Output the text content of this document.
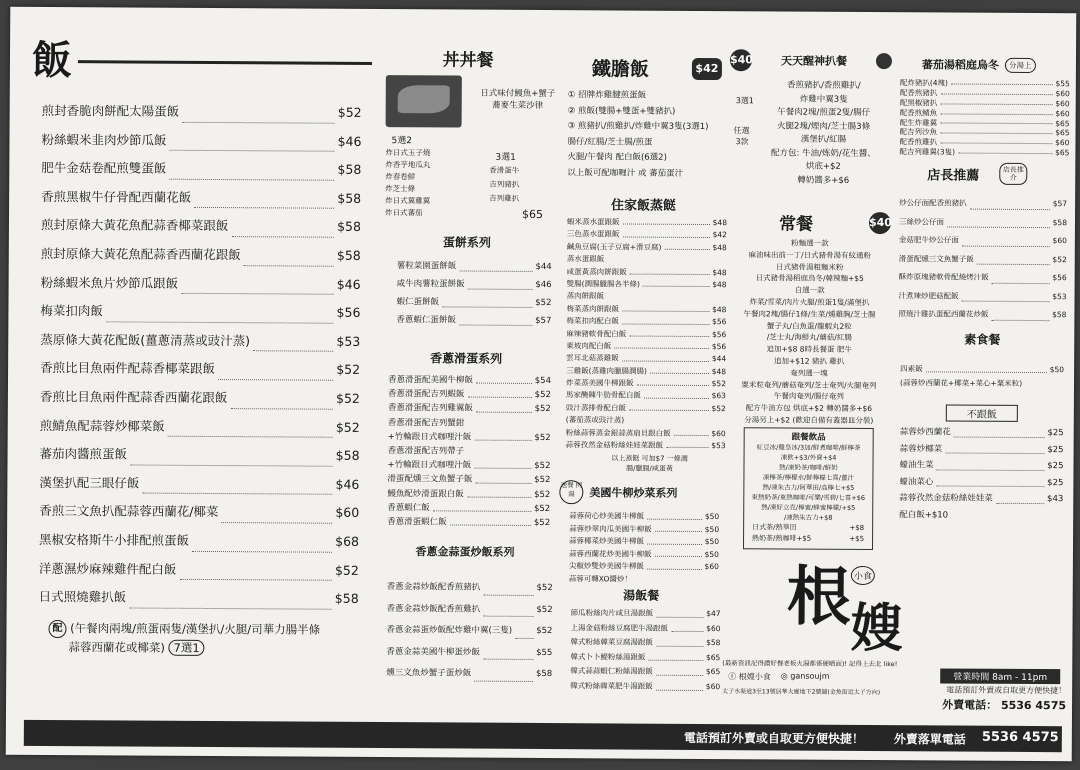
飯
煎封香脆肉餅配太陽蛋飯	$52
粉絲蝦米韭肉炒節瓜飯	$46
肥牛金菇卷配煎雙蛋飯	$58
香煎黑椒牛仔骨配西蘭花飯	$58
煎封原條大黃花魚配蒜香椰菜跟飯	$58
煎封原條大黃花魚配蒜香西蘭花跟飯	$58
粉絲蝦米魚片炒節瓜跟飯	$46
梅菜扣肉飯	$56
蒸原條大黃花配飯(薑蔥清蒸或豉汁蒸)	$53
香煎比目魚兩件配蒜香椰菜跟飯	$52
香煎比目魚兩件配蒜香西蘭花跟飯	$52
煎鯖魚配蒜蓉炒椰菜飯	$52
蕃茄肉醬煎蛋飯	$58
漢堡扒配三眼仔飯	$46
香煎三文魚扒配蒜蓉西蘭花/椰菜	$60
黑椒安格斯牛小排配煎蛋飯	$68
洋蔥濕炒麻辣雞件配白飯	$52
日式照燒雞扒飯	$58
配 (午餐肉兩塊/煎蛋兩隻/漢堡扒/火腿/司華力腸半條
蒜蓉西蘭花或椰菜) 7選1
丼丼餐
日式味付鰻魚+蟹子蕎麥生菜沙律
5選2
炸日式玉子燒
炸香芋地瓜丸
炸春卷鮮
炸芝士條
炸日式翼雞翼
炸日式蕃茄
3選1
香滑蛋牛
吉列豬扒
吉列雞扒
$65
蛋餅系列
薯粒菜園蛋餅飯	$44
咸牛肉薯粒蛋餅飯	$46
蝦仁蛋餅飯	$52
香蔥蝦仁蛋餅飯	$57
香蔥滑蛋系列
香蔥滑蛋配美國牛柳飯	$54
香蔥滑蛋配吉列蝦飯	$52
香蔥滑蛋配吉列雞翼飯	$52
香蔥滑蛋配吉列蟹鉗
+竹輪跟日式咖哩汁飯	$52
香蔥滑蛋配吉列帶子
+竹輪跟日式咖哩汁飯	$52
滑蛋配燻三文魚蟹子飯	$52
鰻魚配炒滑蛋跟白飯	$52
香蔥蝦仁飯	$52
香蔥滑蛋蝦仁飯	$52
香蔥金蒜蛋炒飯系列
香蔥金蒜炒飯配香煎豬扒	$52
香蔥金蒜炒飯配香煎雞扒	$52
香蔥金蒜蛋炒飯配炸雞中翼(三隻)	$52
香蔥金蒜美國牛柳蛋炒飯	$55
燻三文魚炒蟹子蛋炒飯	$58
鐵膽飯	$42
① 招牌炸雞腱煎蛋飯
② 煎飯(雙腸+雙蛋+雙豬扒)
③ 煎豬扒/煎雞扒/炸雞中翼3隻(3選1)
腸仔/紅腸/芝士腸/煎蛋
火腿/午餐肉 配白飯(6選2)
以上飯可配咖喱汁 或 蕃茄蛋汁
住家飯蒸餸
蝦米蒸水蛋跟飯	$48
三色蒸水蛋跟飯	$42
鹹魚豆腐(玉子豆腐+滑豆腐)	$48
蒸水蛋跟飯
咸蛋黃蒸肉餅跟飯	$48
雙腸(潤腸臘腸各半條)	$48
蒸肉餅跟飯
梅菜蒸肉餅跟飯	$48
梅菜扣肉配白飯	$56
麻辣豬軟骨配白飯	$56
東坡肉配白飯	$56
雲耳北菇蒸雞飯	$44
三雞飯(蒸雞肉臘腸潤腸)	$48
炸菜蒸美國牛柳跟飯	$52
馬家醃陳牛肋骨配白飯	$63
豉汁蒸排骨配白飯	$52
(蕃茄蒸或豉汁蒸)
粉絲蒜蓉蒸金銀蒜蒸扇貝跟白飯	$60
蒜蓉孜然金菇粉絲娃娃菜跟飯	$53
以上蒸餸 可加$7 一條潤腸/臘腸/咸蛋黃
送餐 例湯	美國牛柳炒菜系列
蒜蓉荷心炒美國牛柳飯	$50
蒜蓉炒翠肉瓜美國牛柳飯	$50
蒜蓉椰菜炒美國牛柳飯	$50
蒜蓉西蘭花炒美國牛柳飯	$50
尖椒炒雙炒美國牛柳飯	$60
蒜蓉可轉XO醬炒！
湯飯餐
節瓜粉絲肉片咸旦湯跟飯	$47
上湯金菇粉絲豆腐肥牛湯跟飯	$60
韓式粉絲韓菜豆腐湯跟飯	$58
韓式卜卜鯷粉絲湯跟飯	$65
韓式蒜蒜蝦仁粉絲湯跟飯	$65
韓式粉絲韓菜肥牛湯跟飯	$60
$40	天天醒神扒餐
3選1
任選
3款
香煎豬扒/香煎雞扒/
炸雞中翼3隻
午餐肉2塊/煎蛋2隻/腸仔
火腿2塊/煙肉/芝士腸3條
漢堡扒/紅腸
配方包: 牛油/炼奶/花生醬、
烘底+$2
轉奶醬多+$6
常餐	$40
粉麵選一款
麻油味出前一丁/日式豬骨湯有紋通粉
日式豬骨湯粗麵米粉
日式豬骨湯稻庭烏冬/韓辣麵+$5
自選一款
炸菜/雪菜/肉片火腿/煎蛋1隻/滿堡扒
午餐肉2塊/腸仔1條/生菜/燻雞胸/芝士腸
蟹子丸/白魚蛋/龍蝦丸2粒
/芝士丸/海鮮丸/蘑菇/紅腸
追加+$8 8時長餐蛋 肥牛
追加+$12 豬扒 雞扒
奄列選一塊
粟米粒奄列/蘑菇奄列/芝士奄列/火腿奄列
午餐肉奄列/腸仔奄列
配方牛油方包 烘底+$2 轉奶醬多+$6
分湯另上+$2 (歡迎自備有蓋器皿分裝)
跟餐飲品
紅豆冰/雞皇冰/3加/鮮煮咖啡/鮮檸茶
凍飲+$3/外賣+$4
熱/凍奶茶/咖啡/鮮奶
凍檸茶/檸檬水/鮮檸檬七喜/薑汁
熱/凍朱古力/阿華田/高檸七+$5
東熱奶茶/東熱咖啡/可樂/雪碧/七喜+$6
熱/凍好立克/檸蜜/蜂蜜檸檬/+$5
/凍熱朱古力+$8
日式茶/熱華田	+$8
熱奶茶/熱咖啡+$5	+$5
根 小食
嫂
(最新資訊記得讚好餐老板火湯都係硬晒面)! 記得上去北 like!
ⓕ 根嫂小食 ◎ gansoujm
太子水渠道3至13號居華大廈地下2號舖(金魚街近太子方向)
蕃茄湯稻庭烏冬	分湯上
配炸豬扒(4塊)	$55
配香煎豬扒	$60
配黑椒豬扒	$60
配香煎鯖魚	$60
配生炸雞翼	$65
配吉列沙魚	$65
配香煎雞扒	$60
配吉列雞翼(3隻)	$65
店長推薦	店長推介
炒公仔面配香煎豬扒	$57
三絲炒公仔面	$58
金菇肥牛炒公仔面	$60
滑蛋配燻三文魚蟹子飯	$52
酥炸原塊豬軟骨配燒烤汁飯	$56
汁煮辣炒肥菇配飯	$53
照燒汁雞扒蛋配西蘭花炒飯	$58
素食餐
四素飯	$50
(蒜蓉炒西蘭花+椰菜+菜心+粟米粒)
不跟飯
蒜蓉炒西蘭花	$25
蒜蓉炒椰菜	$25
蠔油生菜	$25
蠔油菜心	$25
蒜蓉孜然金菇粉絲娃娃菜	$43
配白飯+$10
營業時間 8am - 11pm
電話預訂外賣或自取更方便快捷！
外賣電話： 5536 4575
電話預訂外賣或自取更方便快捷！ 外賣落單電話 5536 4575
